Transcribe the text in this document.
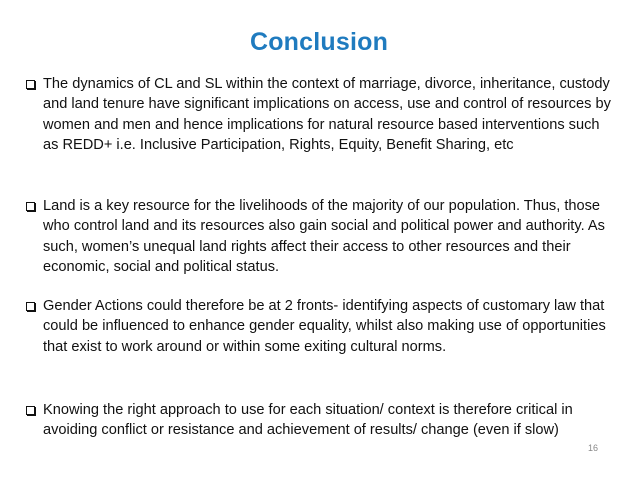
Conclusion
The dynamics of CL and SL within the context of marriage, divorce, inheritance, custody and land tenure have significant implications on access, use and control of resources by women and men and hence implications for natural resource based interventions such as REDD+ i.e. Inclusive Participation, Rights, Equity, Benefit Sharing, etc
Land is a key resource for the livelihoods of the majority of our population. Thus, those who control land and its resources also gain social and political power and authority. As such, women’s unequal land rights affect their access to other resources and their economic, social and political status.
Gender Actions could therefore be at 2 fronts- identifying aspects of customary law that could be influenced to enhance gender equality, whilst also making use of opportunities that exist to work around or within some exiting cultural norms.
Knowing the right approach to use for each situation/ context is therefore critical in avoiding conflict or resistance and achievement of results/ change (even if slow)
16
